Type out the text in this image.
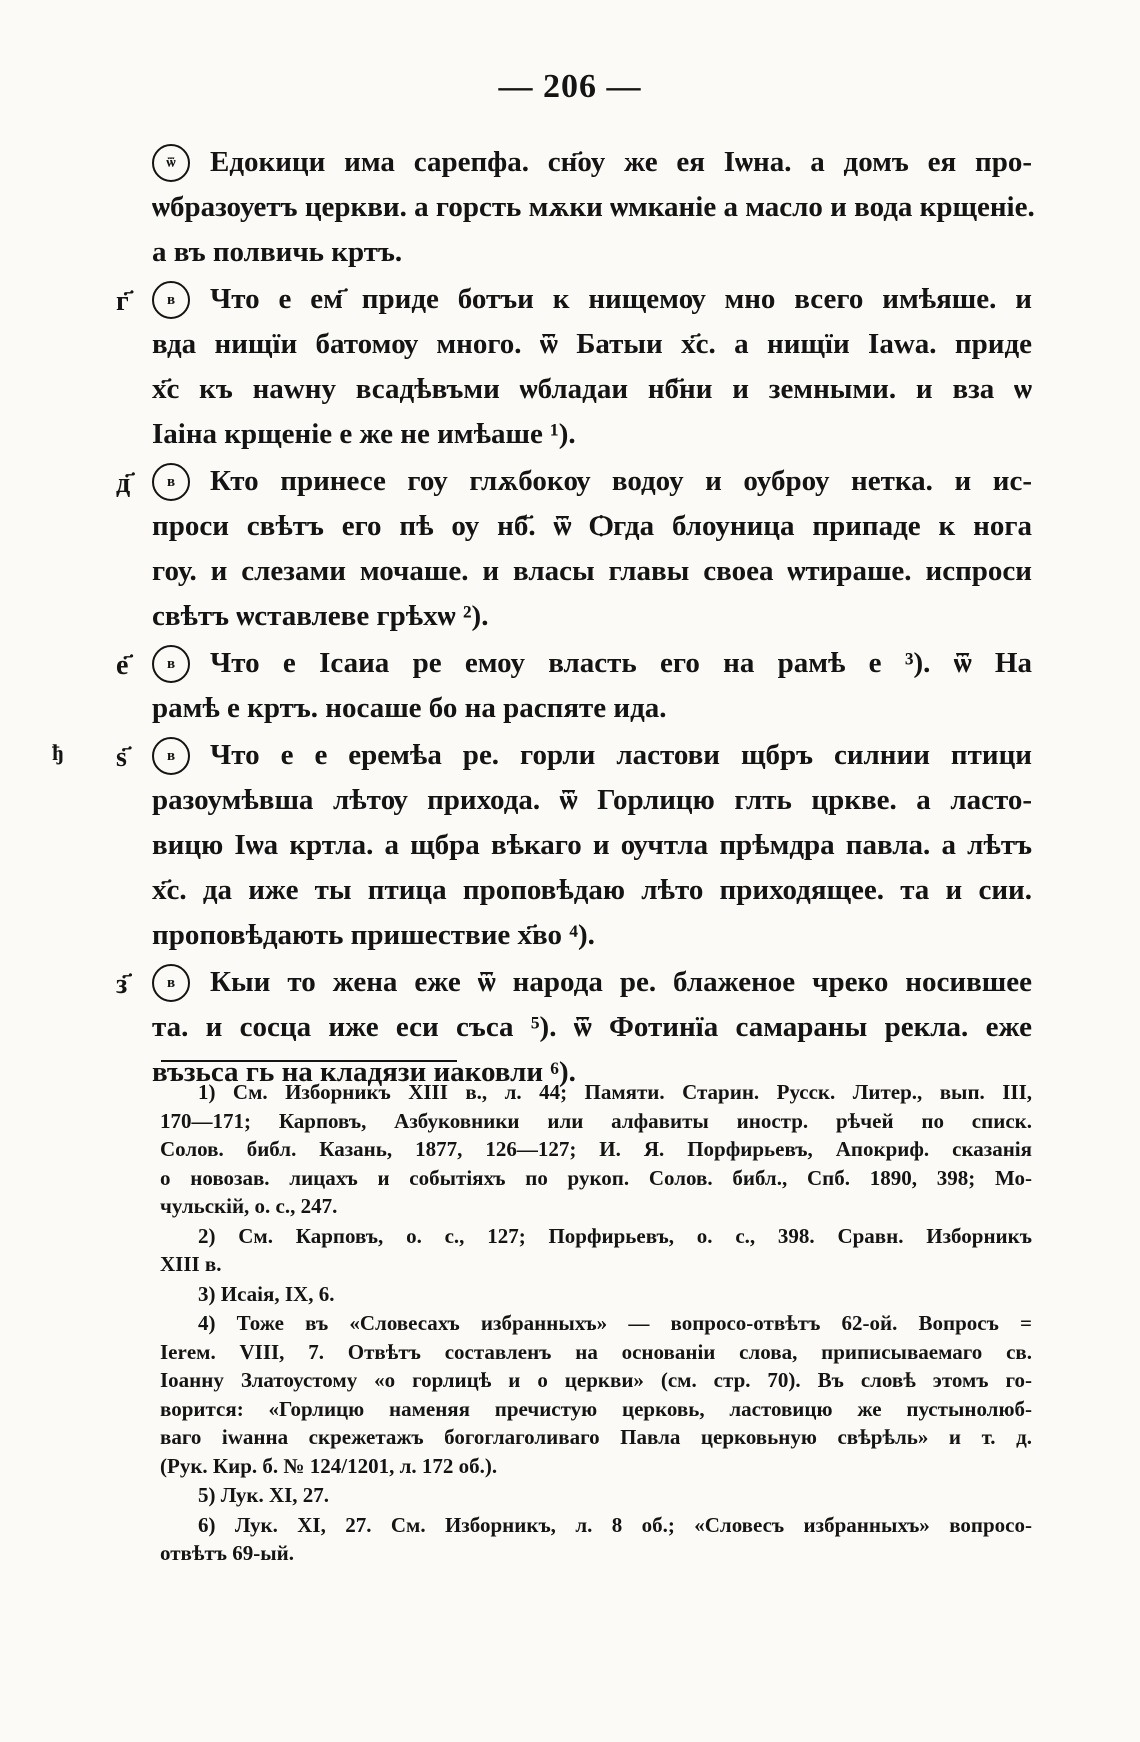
— 206 —
ђ
ѿ	Едокици има сарепфа. сн҃оу же ея Іѡна. а домъ ея про-
ѡбразоуетъ церкви. а горсть мѫки ѡмканіе а масло и вода крщеніе.
а въ полвичь кртъ.
г҃	в	Что е ем҃ приде ботъи к нищемѹ мно всего имѣяше. и
вда нищїи батомѹ много. ѿ Батыи х҃с. а нищїи Іаwа. приде
х҃с къ наwну всадѣвъми ѡбладаи нб҃ни и земными. и вза ѡ
Іаіна крщеніе е же не имѣаше ¹).
д҃	в	Кто принесе гоу глѫбокѹ водоу и оуброу нетка. и ис-
проси свѣтъ его пѣ оу нб҃. ѿ Ѻгда блоуница припаде к нога
гоу. и слезами мочаше. и власы главы своеа ѡтираше. испроси
свѣтъ ѡставлеве грѣхѡ ²).
е҃	в	Что е Ісаиа ре емоу власть его на рамѣ е ³). ѿ На
рамѣ е кртъ. носаше бо на распяте ида.
ѕ҃	в	Что е е еремѣа ре. горли ластови щбръ силнии птици
разоумѣвша лѣтѹ прихода. ѿ Горлицю глть цркве. а ласто-
вицю Іѡа кртла. а щбра вѣкаго и ѹчтла прѣмдра павла. а лѣтъ
х҃с. да иже ты птица проповѣдаю лѣто приходящеe. та и сии.
проповѣдають пришествие х҃во ⁴).
з҃	в	Кыи то жена еже ѿ народа ре. блаженое чреко носившее
та. и сосца иже еси съса ⁵). ѿ Фотинїа самараны рекла. еже
възьса гь на кладязи иаковли ⁶).
1) См. Изборникъ XIII в., л. 44; Памяти. Старин. Русск. Литер., вып. III,
170—171; Карповъ, Азбуковники или алфавиты иностр. рѣчей по списк.
Солов. библ. Казань, 1877, 126—127; И. Я. Порфирьевъ, Апокриф. сказанія
о новозав. лицахъ и событіяхъ по рукоп. Солов. библ., Спб. 1890, 398; Мо-
чульскій, о. с., 247.
2) См. Карповъ, о. с., 127; Порфирьевъ, о. с., 398. Сравн. Изборникъ
XIII в.
3) Исаія, IX, 6.
4) Тоже въ «Словесахъ избранныхъ» — вопросо-отвѣтъ 62-ой. Вопросъ =
Ierем. VIII, 7. Отвѣтъ составленъ на основаніи слова, приписываемаго св.
Іоанну Златоустому «о горлицѣ и о церкви» (см. стр. 70). Въ словѣ этомъ го-
ворится: «Горлицю наменяя пречистую церковь, ластовицю же пустынолюб-
ваго іwанна скрежетажъ богоглаголиваго Павла церковьную свѣрѣль» и т. д.
(Рук. Кир. б. № 124/1201, л. 172 об.).
5) Лук. XI, 27.
6) Лук. XI, 27. См. Изборникъ, л. 8 об.; «Словесъ избранныхъ» вопросо-
отвѣтъ 69-ый.
